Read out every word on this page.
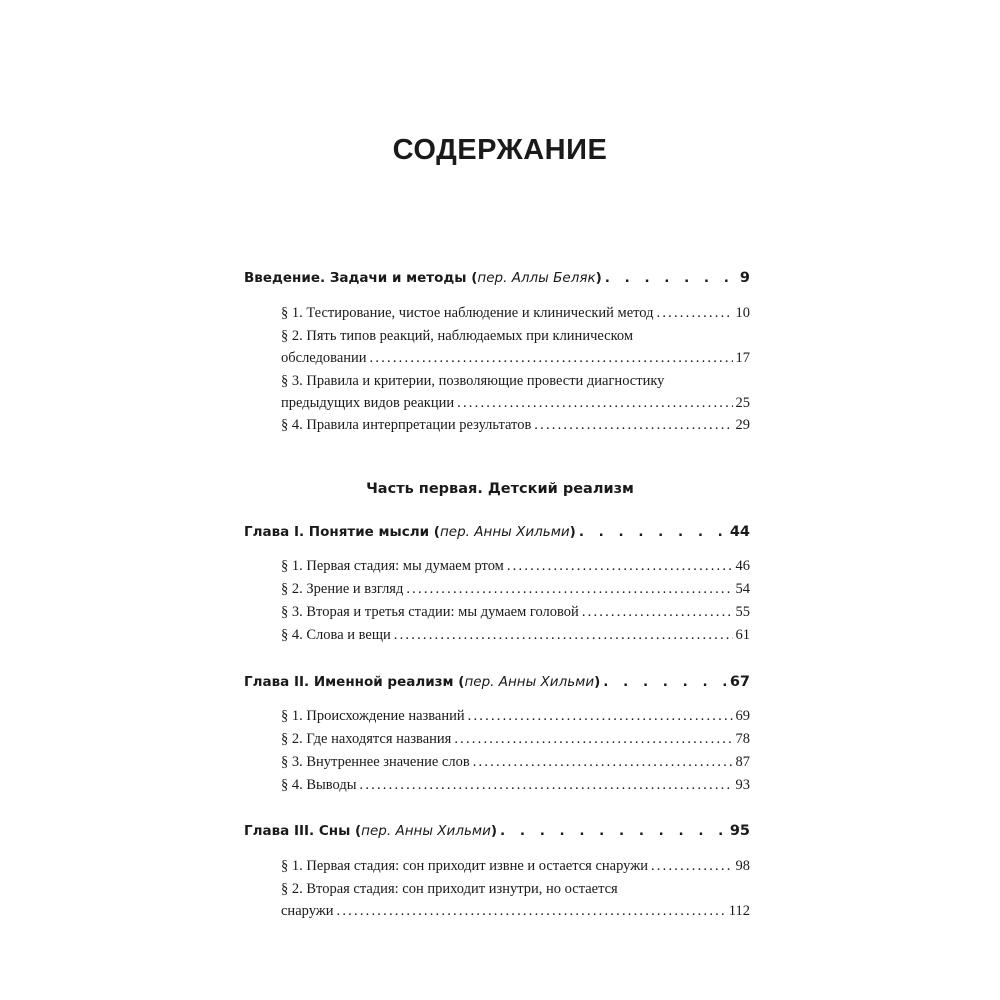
СОДЕРЖАНИЕ
Введение. Задачи и методы (пер. Аллы Беляк) . . .	9
§ 1. Тестирование, чистое наблюдение и клинический метод .....	10
§ 2. Пять типов реакций, наблюдаемых при клиническом
обследовании .....	17
§ 3. Правила и критерии, позволяющие провести диагностику
предыдущих видов реакции .....	25
§ 4. Правила интерпретации результатов .....	29
Часть первая. Детский реализм
Глава I. Понятие мысли (пер. Анны Хильми) . . .	44
§ 1. Первая стадия: мы думаем ртом .....	46
§ 2. Зрение и взгляд .....	54
§ 3. Вторая и третья стадии: мы думаем головой .....	55
§ 4. Слова и вещи .....	61
Глава II. Именной реализм (пер. Анны Хильми) . . .	67
§ 1. Происхождение названий .....	69
§ 2. Где находятся названия .....	78
§ 3. Внутреннее значение слов .....	87
§ 4. Выводы .....	93
Глава III. Сны (пер. Анны Хильми) . . .	95
§ 1. Первая стадия: сон приходит извне и остается снаружи .....	98
§ 2. Вторая стадия: сон приходит изнутри, но остается
снаружи .....	112
